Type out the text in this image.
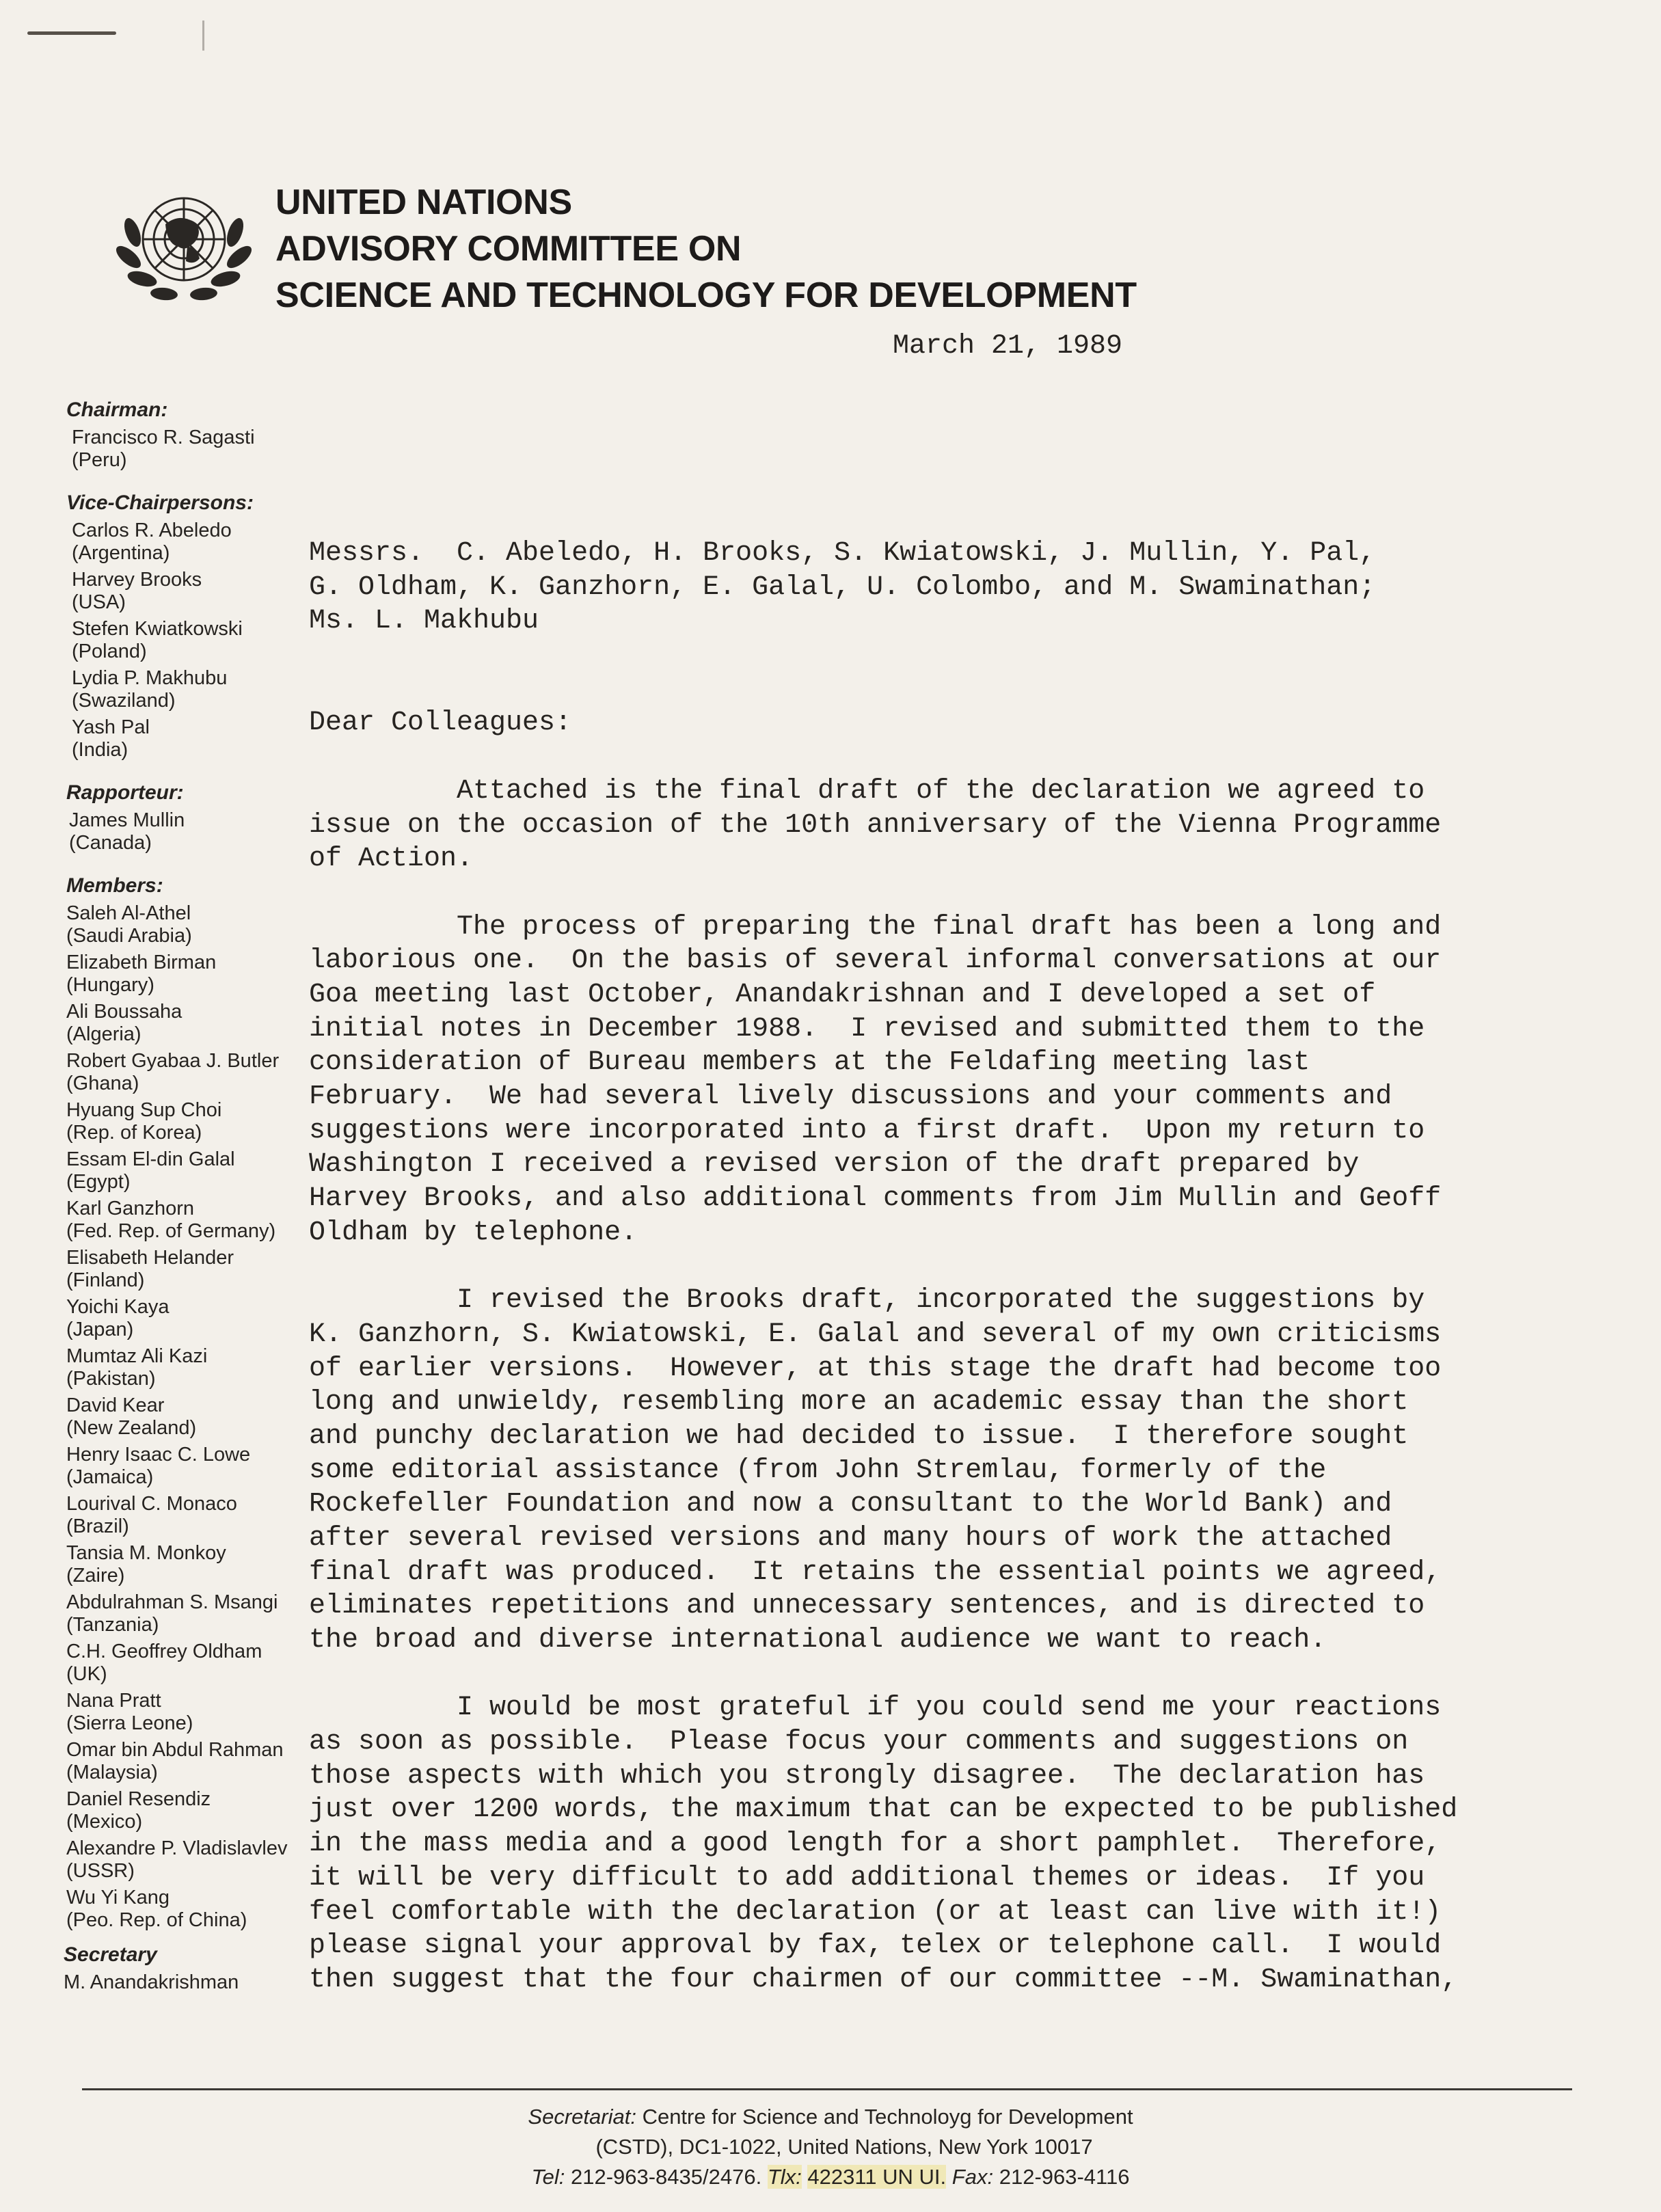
UNITED NATIONS
ADVISORY COMMITTEE ON
SCIENCE AND TECHNOLOGY FOR DEVELOPMENT
March 21, 1989
Chairman:
Francisco R. Sagasti
(Peru)
Vice-Chairpersons:
Carlos R. Abeledo
(Argentina)
Harvey Brooks
(USA)
Stefen Kwiatkowski
(Poland)
Lydia P. Makhubu
(Swaziland)
Yash Pal
(India)
Rapporteur:
James Mullin
(Canada)
Members:
Saleh Al-Athel
(Saudi Arabia)
Elizabeth Birman
(Hungary)
Ali Boussaha
(Algeria)
Robert Gyabaa J. Butler
(Ghana)
Hyuang Sup Choi
(Rep. of Korea)
Essam El-din Galal
(Egypt)
Karl Ganzhorn
(Fed. Rep. of Germany)
Elisabeth Helander
(Finland)
Yoichi Kaya
(Japan)
Mumtaz Ali Kazi
(Pakistan)
David Kear
(New Zealand)
Henry Isaac C. Lowe
(Jamaica)
Lourival C. Monaco
(Brazil)
Tansia M. Monkoy
(Zaire)
Abdulrahman S. Msangi
(Tanzania)
C.H. Geoffrey Oldham
(UK)
Nana Pratt
(Sierra Leone)
Omar bin Abdul Rahman
(Malaysia)
Daniel Resendiz
(Mexico)
Alexandre P. Vladislavlev
(USSR)
Wu Yi Kang
(Peo. Rep. of China)
Secretary
M. Anandakrishman
Messrs.  C. Abeledo, H. Brooks, S. Kwiatowski, J. Mullin, Y. Pal,
G. Oldham, K. Ganzhorn, E. Galal, U. Colombo, and M. Swaminathan;
Ms. L. Makhubu
Dear Colleagues:
Attached is the final draft of the declaration we agreed to
issue on the occasion of the 10th anniversary of the Vienna Programme
of Action.
The process of preparing the final draft has been a long and
laborious one.  On the basis of several informal conversations at our
Goa meeting last October, Anandakrishnan and I developed a set of
initial notes in December 1988.  I revised and submitted them to the
consideration of Bureau members at the Feldafing meeting last
February.  We had several lively discussions and your comments and
suggestions were incorporated into a first draft.  Upon my return to
Washington I received a revised version of the draft prepared by
Harvey Brooks, and also additional comments from Jim Mullin and Geoff
Oldham by telephone.
I revised the Brooks draft, incorporated the suggestions by
K. Ganzhorn, S. Kwiatowski, E. Galal and several of my own criticisms
of earlier versions.  However, at this stage the draft had become too
long and unwieldy, resembling more an academic essay than the short
and punchy declaration we had decided to issue.  I therefore sought
some editorial assistance (from John Stremlau, formerly of the
Rockefeller Foundation and now a consultant to the World Bank) and
after several revised versions and many hours of work the attached
final draft was produced.  It retains the essential points we agreed,
eliminates repetitions and unnecessary sentences, and is directed to
the broad and diverse international audience we want to reach.
I would be most grateful if you could send me your reactions
as soon as possible.  Please focus your comments and suggestions on
those aspects with which you strongly disagree.  The declaration has
just over 1200 words, the maximum that can be expected to be published
in the mass media and a good length for a short pamphlet.  Therefore,
it will be very difficult to add additional themes or ideas.  If you
feel comfortable with the declaration (or at least can live with it!)
please signal your approval by fax, telex or telephone call.  I would
then suggest that the four chairmen of our committee --M. Swaminathan,
Secretariat: Centre for Science and Technoloyg for Development
(CSTD), DC1-1022, United Nations, New York 10017
Tel: 212-963-8435/2476. Tlx: 422311 UN UI. Fax: 212-963-4116
